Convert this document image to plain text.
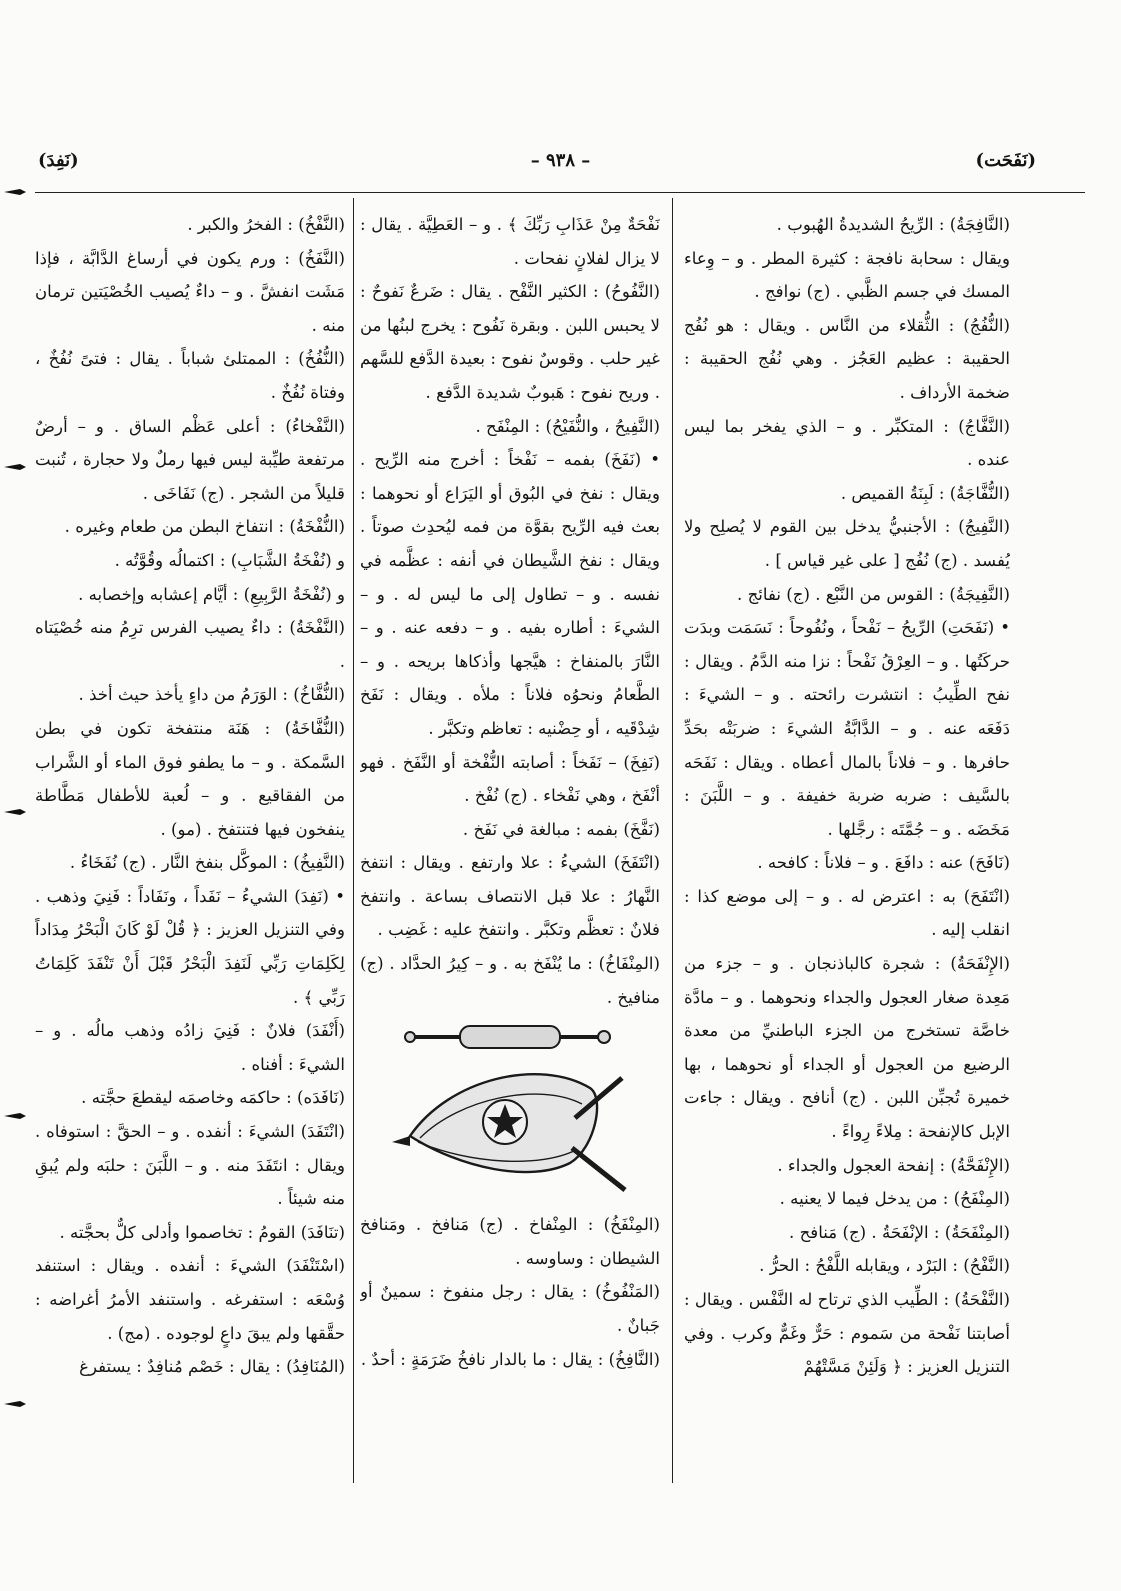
(نَفَحَت)
– ٩٣٨ –
(نَفِدَ)

(النَّافِجَةُ) : الرِّيحُ الشديدةُ الهُبوب .

ويقال : سحابة نافجة : كثيرة المطر . و – وِعاء المسك في جسم الظَّبي . (ج) نوافج .

(النُّفُجُ) : الثُّقلاء من النَّاس . ويقال : هو نُفُج الحقيبة : عظيم العَجُز . وهي نُفُج الحقيبة : ضخمة الأرداف .

(النَّفَّاجُ) : المتكبِّر . و – الذي يفخر بما ليس عنده .

(النُّفَّاجَةُ) : لَبِنَةُ القميص .

(النَّفِيجُ) : الأجنبيُّ يدخل بين القوم لا يُصلِح ولا يُفسد . (ج) نُفُج [ على غير قياس ] .

(النَّفِيجَةُ) : القوس من النَّبْع . (ج) نفائج .

• (نَفَحَتِ) الرِّيحُ – نَفْحاً ، ونُفُوحاً : نَسَمَت وبدَت حركَتُها . و – العِرْقُ نَفْحاً : نزا منه الدَّمُ . ويقال : نفح الطِّيبُ : انتشرت رائحته . و – الشيءَ : دَفَعَه عنه . و – الدَّابَّةُ الشيءَ : ضربَتْه بحَدِّ حافرها . و – فلاناً بالمال أعطاه . ويقال : نَفَحَه بالسَّيف : ضربه ضربة خفيفة . و – اللَّبَنَ : مَخَضَه . و – جُمَّتَه : رجَّلها .

(نَافَحَ) عنه : دافَعَ . و – فلاناً : كافحه .

(انْتَفَحَ) به : اعترض له . و – إلى موضع كذا : انقلب إليه .

(الإِنْفَحَةُ) : شجرة كالباذنجان . و – جزء من مَعِدة صغار العجول والجداء ونحوهما . و – مادَّة خاصَّة تستخرج من الجزء الباطنيِّ من معدة الرضيع من العجول أو الجداء أو نحوهما ، بها خميرة تُجبِّن اللبن . (ج) أنافح . ويقال : جاءت الإبل كالإنفحة : مِلاءً رِواءً .

(الإِنْفَحَّةُ) : إنفحة العجول والجداء .

(المِنْفَحُ) : من يدخل فيما لا يعنيه .

(المِنْفَحَةُ) : الإنْفَحَةُ . (ج) مَنافح .

(النَّفْحُ) : البَرْد ، ويقابله اللَّفْحُ : الحرُّ .

(النَّفْحَةُ) : الطِّيب الذي ترتاح له النَّفْس . ويقال : أصابتنا نَفْحة من سَموم : حَرٌّ وغَمٌّ وكرب . وفي التنزيل العزيز : ﴿ وَلَئِنْ مَسَّتْهُمْ

نَفْحَةٌ مِنْ عَذَابِ رَبِّكَ ﴾ . و – العَطِيَّة . يقال : لا يزال لفلانٍ نفحات .

(النَّفُوحُ) : الكثير النَّفْح . يقال : ضَرعٌ نَفوحٌ : لا يحبس اللبن . وبقرة نَفُوح : يخرج لبنُها من غير حلب . وقوسٌ نفوح : بعيدة الدَّفع للسَّهم . وريح نفوح : هَبوبٌ شديدة الدَّفع .

(النَّفِيحُ ، والنُّفَيْحُ) : المِنْفَح .

• (نَفَخَ) بفمه – نَفْخاً : أخرج منه الرِّيح . ويقال : نفخ في البُوق أو اليَرَاع أو نحوهما : بعث فيه الرِّيح بقوَّة من فمه ليُحدِث صوتاً . ويقال : نفخ الشَّيطان في أنفه : عظَّمه في نفسه . و – تطاول إلى ما ليس له . و – الشيءَ : أطاره بفيه . و – دفعه عنه . و – النَّارَ بالمنفاخ : هيَّجها وأذكاها بريحه . و – الطَّعامُ ونحوُه فلاناً : ملأه . ويقال : نَفَخ شِدْقَيه ، أو حِضْنيه : تعاظم وتكبَّر .

(نَفِخَ) – نَفَخاً : أصابته النُّفْخة أو النَّفَخ . فهو أنْفَخ ، وهي نَفْخاء . (ج) نُفْخ .

(نَفَّخَ) بفمه : مبالغة في نَفَخ .

(انْتَفَخَ) الشيءُ : علا وارتفع . ويقال : انتفخ النَّهارُ : علا قبل الانتصاف بساعة . وانتفخ فلانٌ : تعظَّم وتكبَّر . وانتفخ عليه : غَضِب .

(المِنْفَاخُ) : ما يُنْفَخ به . و – كِيرُ الحدَّاد . (ج) منافيخ .

(المِنْفَخُ) : المِنْفاخ . (ج) مَنافخ . ومَنافخ الشيطان : وساوسه .

(المَنْفُوخُ) : يقال : رجل منفوخ : سمينٌ أو جَبانٌ .

(النَّافِخُ) : يقال : ما بالدار نافخُ ضَرَمَةٍ : أحدٌ .

(النَّفْخُ) : الفخرُ والكبر .

(النَّفَخُ) : ورم يكون في أرساغ الدَّابَّة ، فإذا مَشَت انفشَّ . و – داءٌ يُصيب الخُصْيَتين ترمان منه .

(النُّفُخُ) : الممتلئ شباباً . يقال : فتىً نُفُخٌ ، وفتاة نُفُخٌ .

(النَّفْخاءُ) : أعلى عَظْم الساق . و – أرضٌ مرتفعة طيِّبة ليس فيها رملٌ ولا حجارة ، تُنبت قليلاً من الشجر . (ج) نَفَاخَى .

(النُّفْخَةُ) : انتفاخ البطن من طعام وغيره .

و (نُفْخَةُ الشَّبَابِ) : اكتمالُه وقُوَّتُه .

و (نُفْخَةُ الرَّبِيعِ) : أيَّام إعشابه وإخصابه .

(النَّفْخَةُ) : داءٌ يصيب الفرس ترِمُ منه خُصْيَتاه .

(النُّفَّاخُ) : الوَرَمُ من داءٍ يأخذ حيث أخذ .

(النُّفَّاخَةُ) : هَنَة منتفخة تكون في بطن السَّمكة . و – ما يطفو فوق الماء أو الشَّراب من الفقاقيع . و – لُعبة للأطفال مَطَّاطة ينفخون فيها فتنتفخ . (مو) .

(النَّفِيخُ) : الموكَّل بنفخ النَّار . (ج) نُفَخَاءُ .

• (نَفِدَ) الشيءُ – نَفَداً ، ونَفَاداً : فَنِيَ وذهب . وفي التنزيل العزيز : ﴿ قُلْ لَوْ كَانَ الْبَحْرُ مِدَاداً لِكَلِمَاتِ رَبِّي لَنَفِدَ الْبَحْرُ قَبْلَ أَنْ تَنْفَدَ كَلِمَاتُ رَبِّي ﴾ .

(أَنْفَدَ) فلانٌ : فَنِيَ زادُه وذهب مالُه . و – الشيءَ : أفناه .

(نَافَدَه) : حاكمَه وخاصمَه ليقطعَ حجَّته .

(انْتَفَدَ) الشيءَ : أنفده . و – الحقَّ : استوفاه . ويقال : انتَفَدَ منه . و – اللَّبَنَ : حلبَه ولم يُبقِ منه شيئاً .

(تنَافَدَ) القومُ : تخاصموا وأدلى كلٌّ بحجَّته .

(اسْتَنْفَدَ) الشيءَ : أنفده . ويقال : استنفد وُسْعَه : استفرغه . واستنفد الأمرُ أغراضه : حقَّقها ولم يبقَ داعٍ لوجوده . (مج) .

(المُنَافِدُ) : يقال : خَصْم مُنافِدٌ : يستفرغ
